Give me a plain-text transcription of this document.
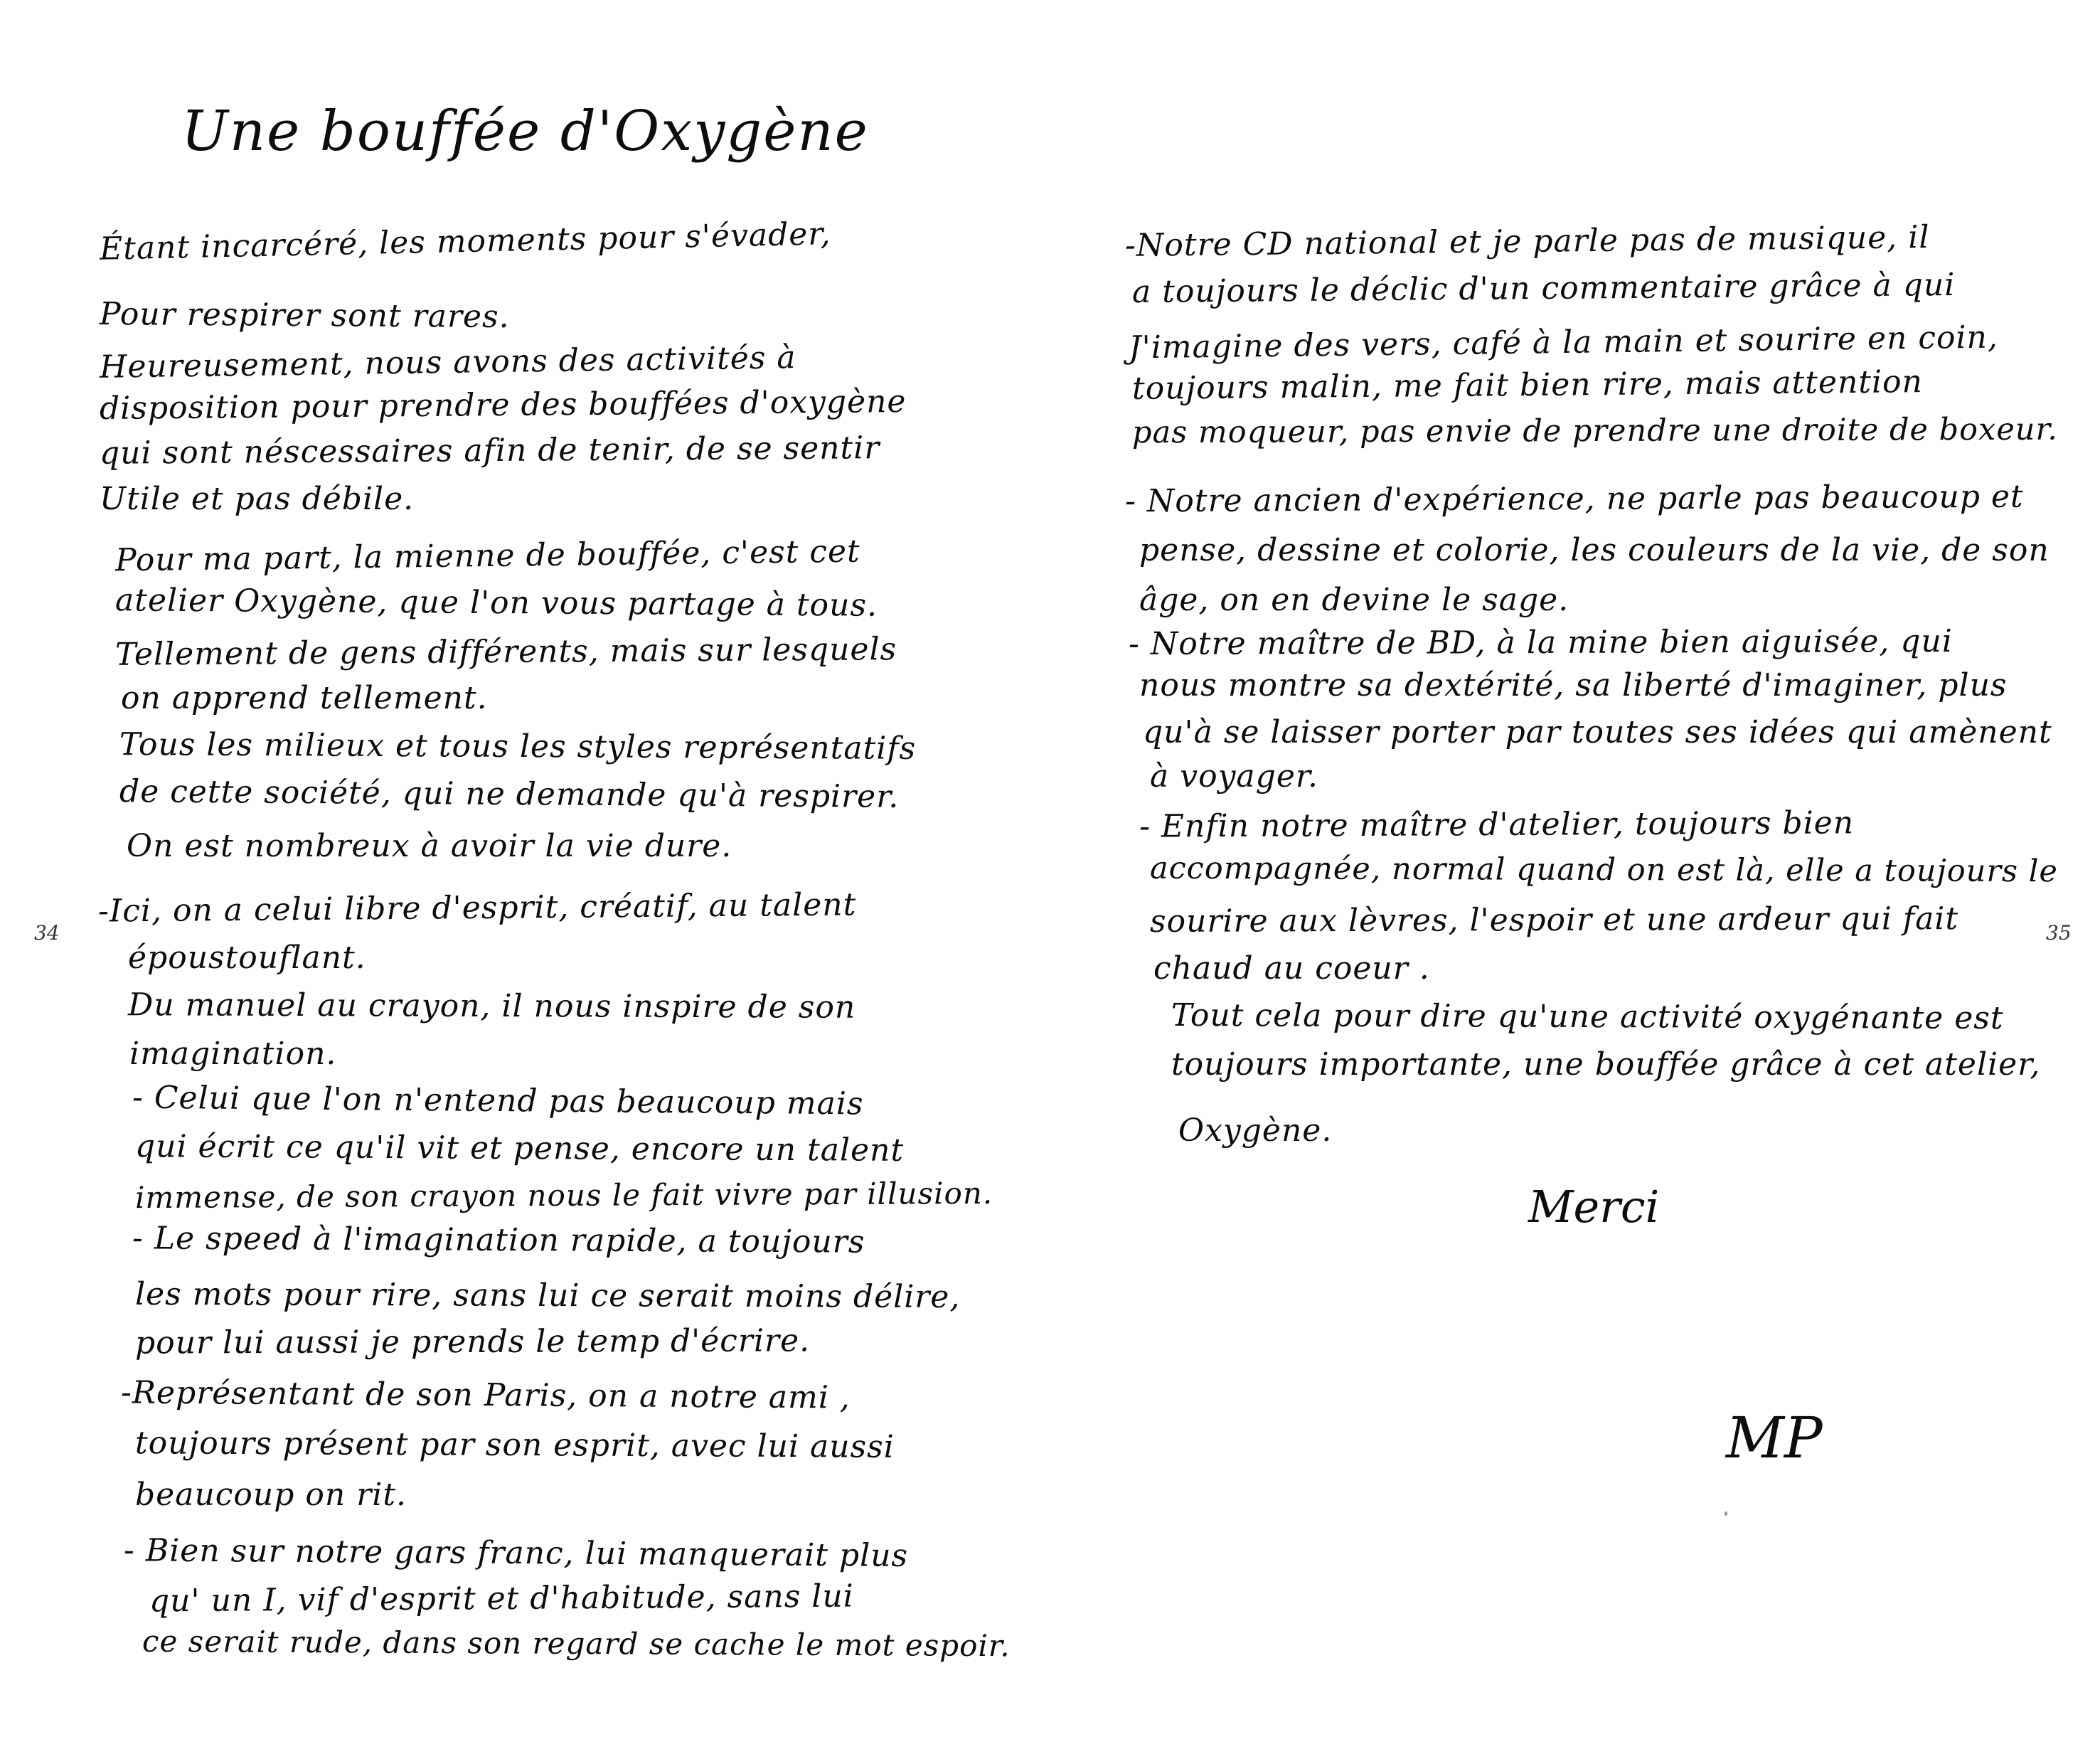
Une bouffée d'Oxygène
Étant incarcéré, les moments pour s'évader,
Pour respirer sont rares.
Heureusement, nous avons des activités à
disposition pour prendre des bouffées d'oxygène
qui sont néscessaires afin de tenir, de se sentir
Utile et pas débile.
Pour ma part, la mienne de bouffée, c'est cet
atelier Oxygène, que l'on vous partage à tous.
Tellement de gens différents, mais sur lesquels
on apprend tellement.
Tous les milieux et tous les styles représentatifs
de cette société, qui ne demande qu'à respirer.
On est nombreux à avoir la vie dure.
-Ici, on a celui libre d'esprit, créatif, au talent
époustouflant.
Du manuel au crayon, il nous inspire de son
imagination.
- Celui que l'on n'entend pas beaucoup mais
qui écrit ce qu'il vit et pense, encore un talent
immense, de son crayon nous le fait vivre par illusion.
- Le speed à l'imagination rapide, a toujours
les mots pour rire, sans lui ce serait moins délire,
pour lui aussi je prends le temp d'écrire.
-Représentant de son Paris, on a notre ami ,
toujours présent par son esprit, avec lui aussi
beaucoup on rit.
- Bien sur notre gars franc, lui manquerait plus
qu' un I, vif d'esprit et d'habitude, sans lui
ce serait rude, dans son regard se cache le mot espoir.
34
-Notre CD national et je parle pas de musique, il
a toujours le déclic d'un commentaire grâce à qui
J'imagine des vers, café à la main et sourire en coin,
toujours malin, me fait bien rire, mais attention
pas moqueur, pas envie de prendre une droite de boxeur.
- Notre ancien d'expérience, ne parle pas beaucoup et
pense, dessine et colorie, les couleurs de la vie, de son
âge, on en devine le sage.
- Notre maître de BD, à la mine bien aiguisée, qui
nous montre sa dextérité, sa liberté d'imaginer, plus
qu'à se laisser porter par toutes ses idées qui amènent
à voyager.
- Enfin notre maître d'atelier, toujours bien
accompagnée, normal quand on est là, elle a toujours le
sourire aux lèvres, l'espoir et une ardeur qui fait
chaud au coeur .
Tout cela pour dire qu'une activité oxygénante est
toujours importante, une bouffée grâce à cet atelier,
Oxygène.
Merci
MP
35
